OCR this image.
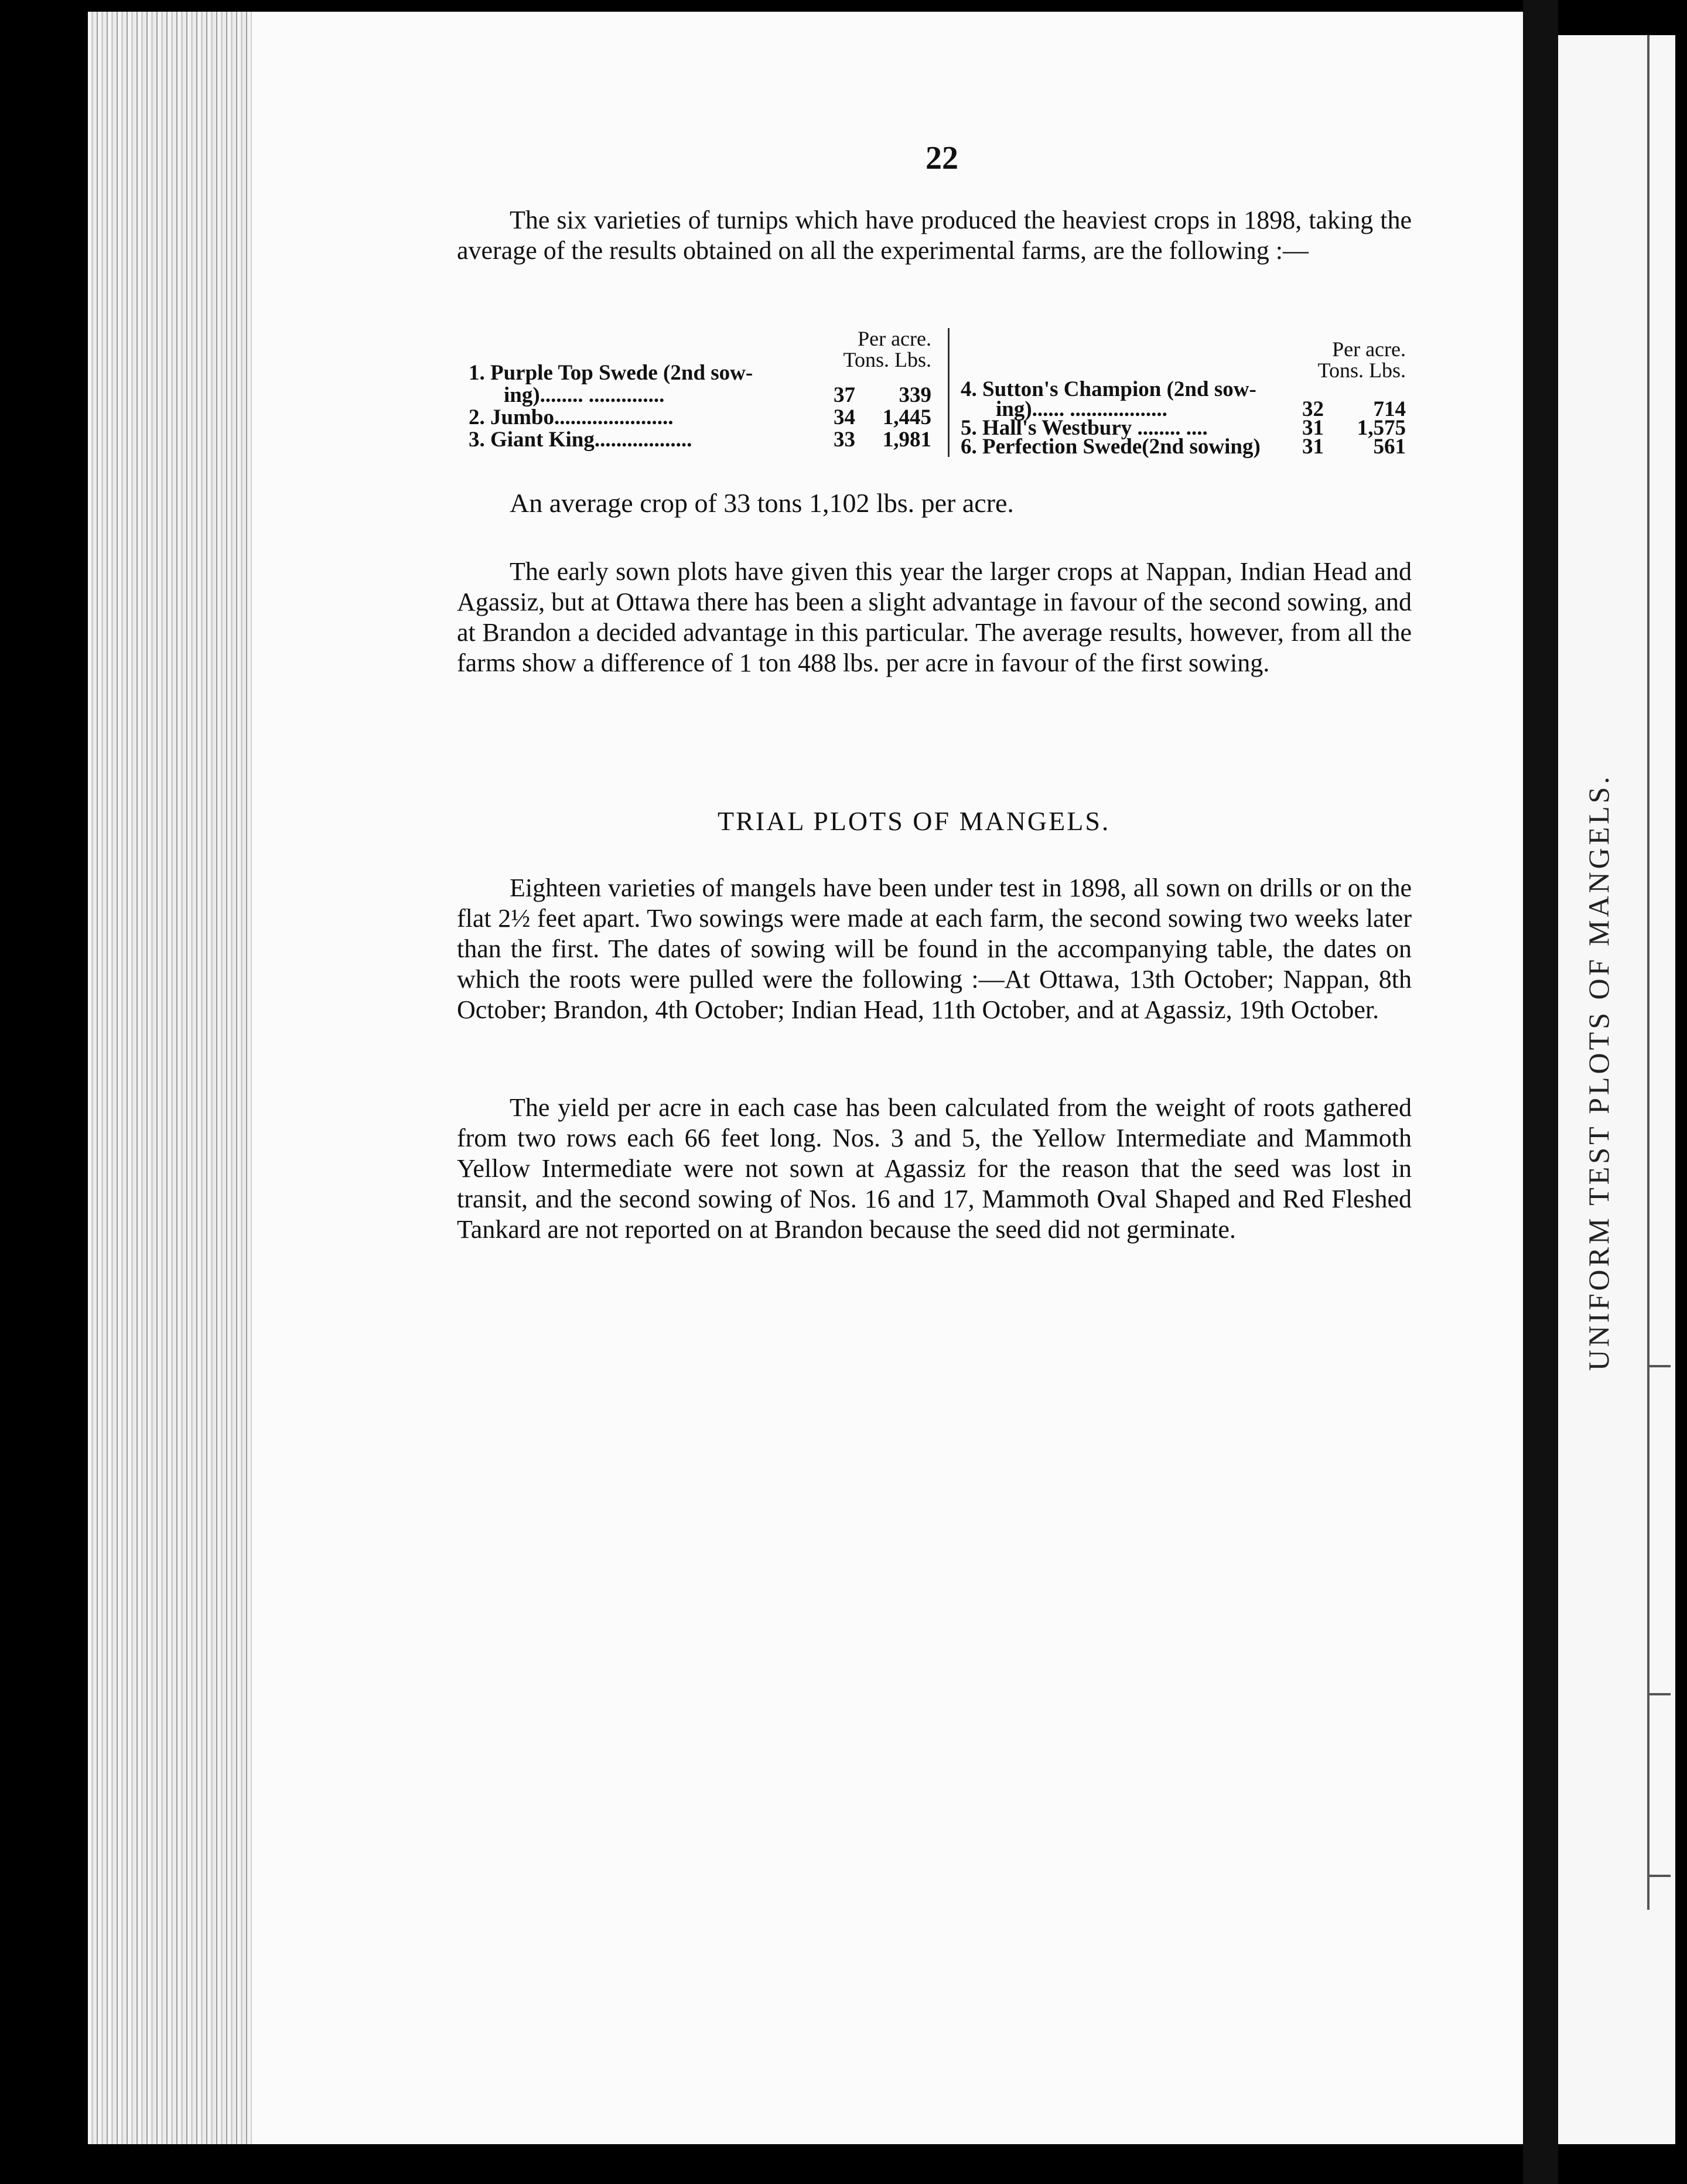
UNIFORM TEST PLOTS OF MANGELS.
22

The six varieties of turnips which have produced the heaviest crops in 1898, taking the average of the results obtained on all the experimental farms, are the following :—

Per acre.
Tons. Lbs.
1. Purple Top Swede (2nd sow-
ing)........ ..............	37	339
2. Jumbo......................	34	1,445
3. Giant King..................	33	1,981
Per acre.
Tons. Lbs.
4. Sutton's Champion (2nd sow-
ing)...... ..................	32	714
5. Hall's Westbury ........ ....	31	1,575
6. Perfection Swede(2nd sowing)	31	561
An average crop of 33 tons 1,102 lbs. per acre.

The early sown plots have given this year the larger crops at Nappan, Indian Head and Agassiz, but at Ottawa there has been a slight advantage in favour of the second sowing, and at Brandon a decided advantage in this particular. The average results, however, from all the farms show a difference of 1 ton 488 lbs. per acre in favour of the first sowing.

TRIAL PLOTS OF MANGELS.

Eighteen varieties of mangels have been under test in 1898, all sown on drills or on the flat 2½ feet apart. Two sowings were made at each farm, the second sowing two weeks later than the first. The dates of sowing will be found in the accompanying table, the dates on which the roots were pulled were the following :—At Ottawa, 13th October; Nappan, 8th October; Brandon, 4th October; Indian Head, 11th October, and at Agassiz, 19th October.

The yield per acre in each case has been calculated from the weight of roots gathered from two rows each 66 feet long. Nos. 3 and 5, the Yellow Intermediate and Mammoth Yellow Intermediate were not sown at Agassiz for the reason that the seed was lost in transit, and the second sowing of Nos. 16 and 17, Mammoth Oval Shaped and Red Fleshed Tankard are not reported on at Brandon because the seed did not germinate.
